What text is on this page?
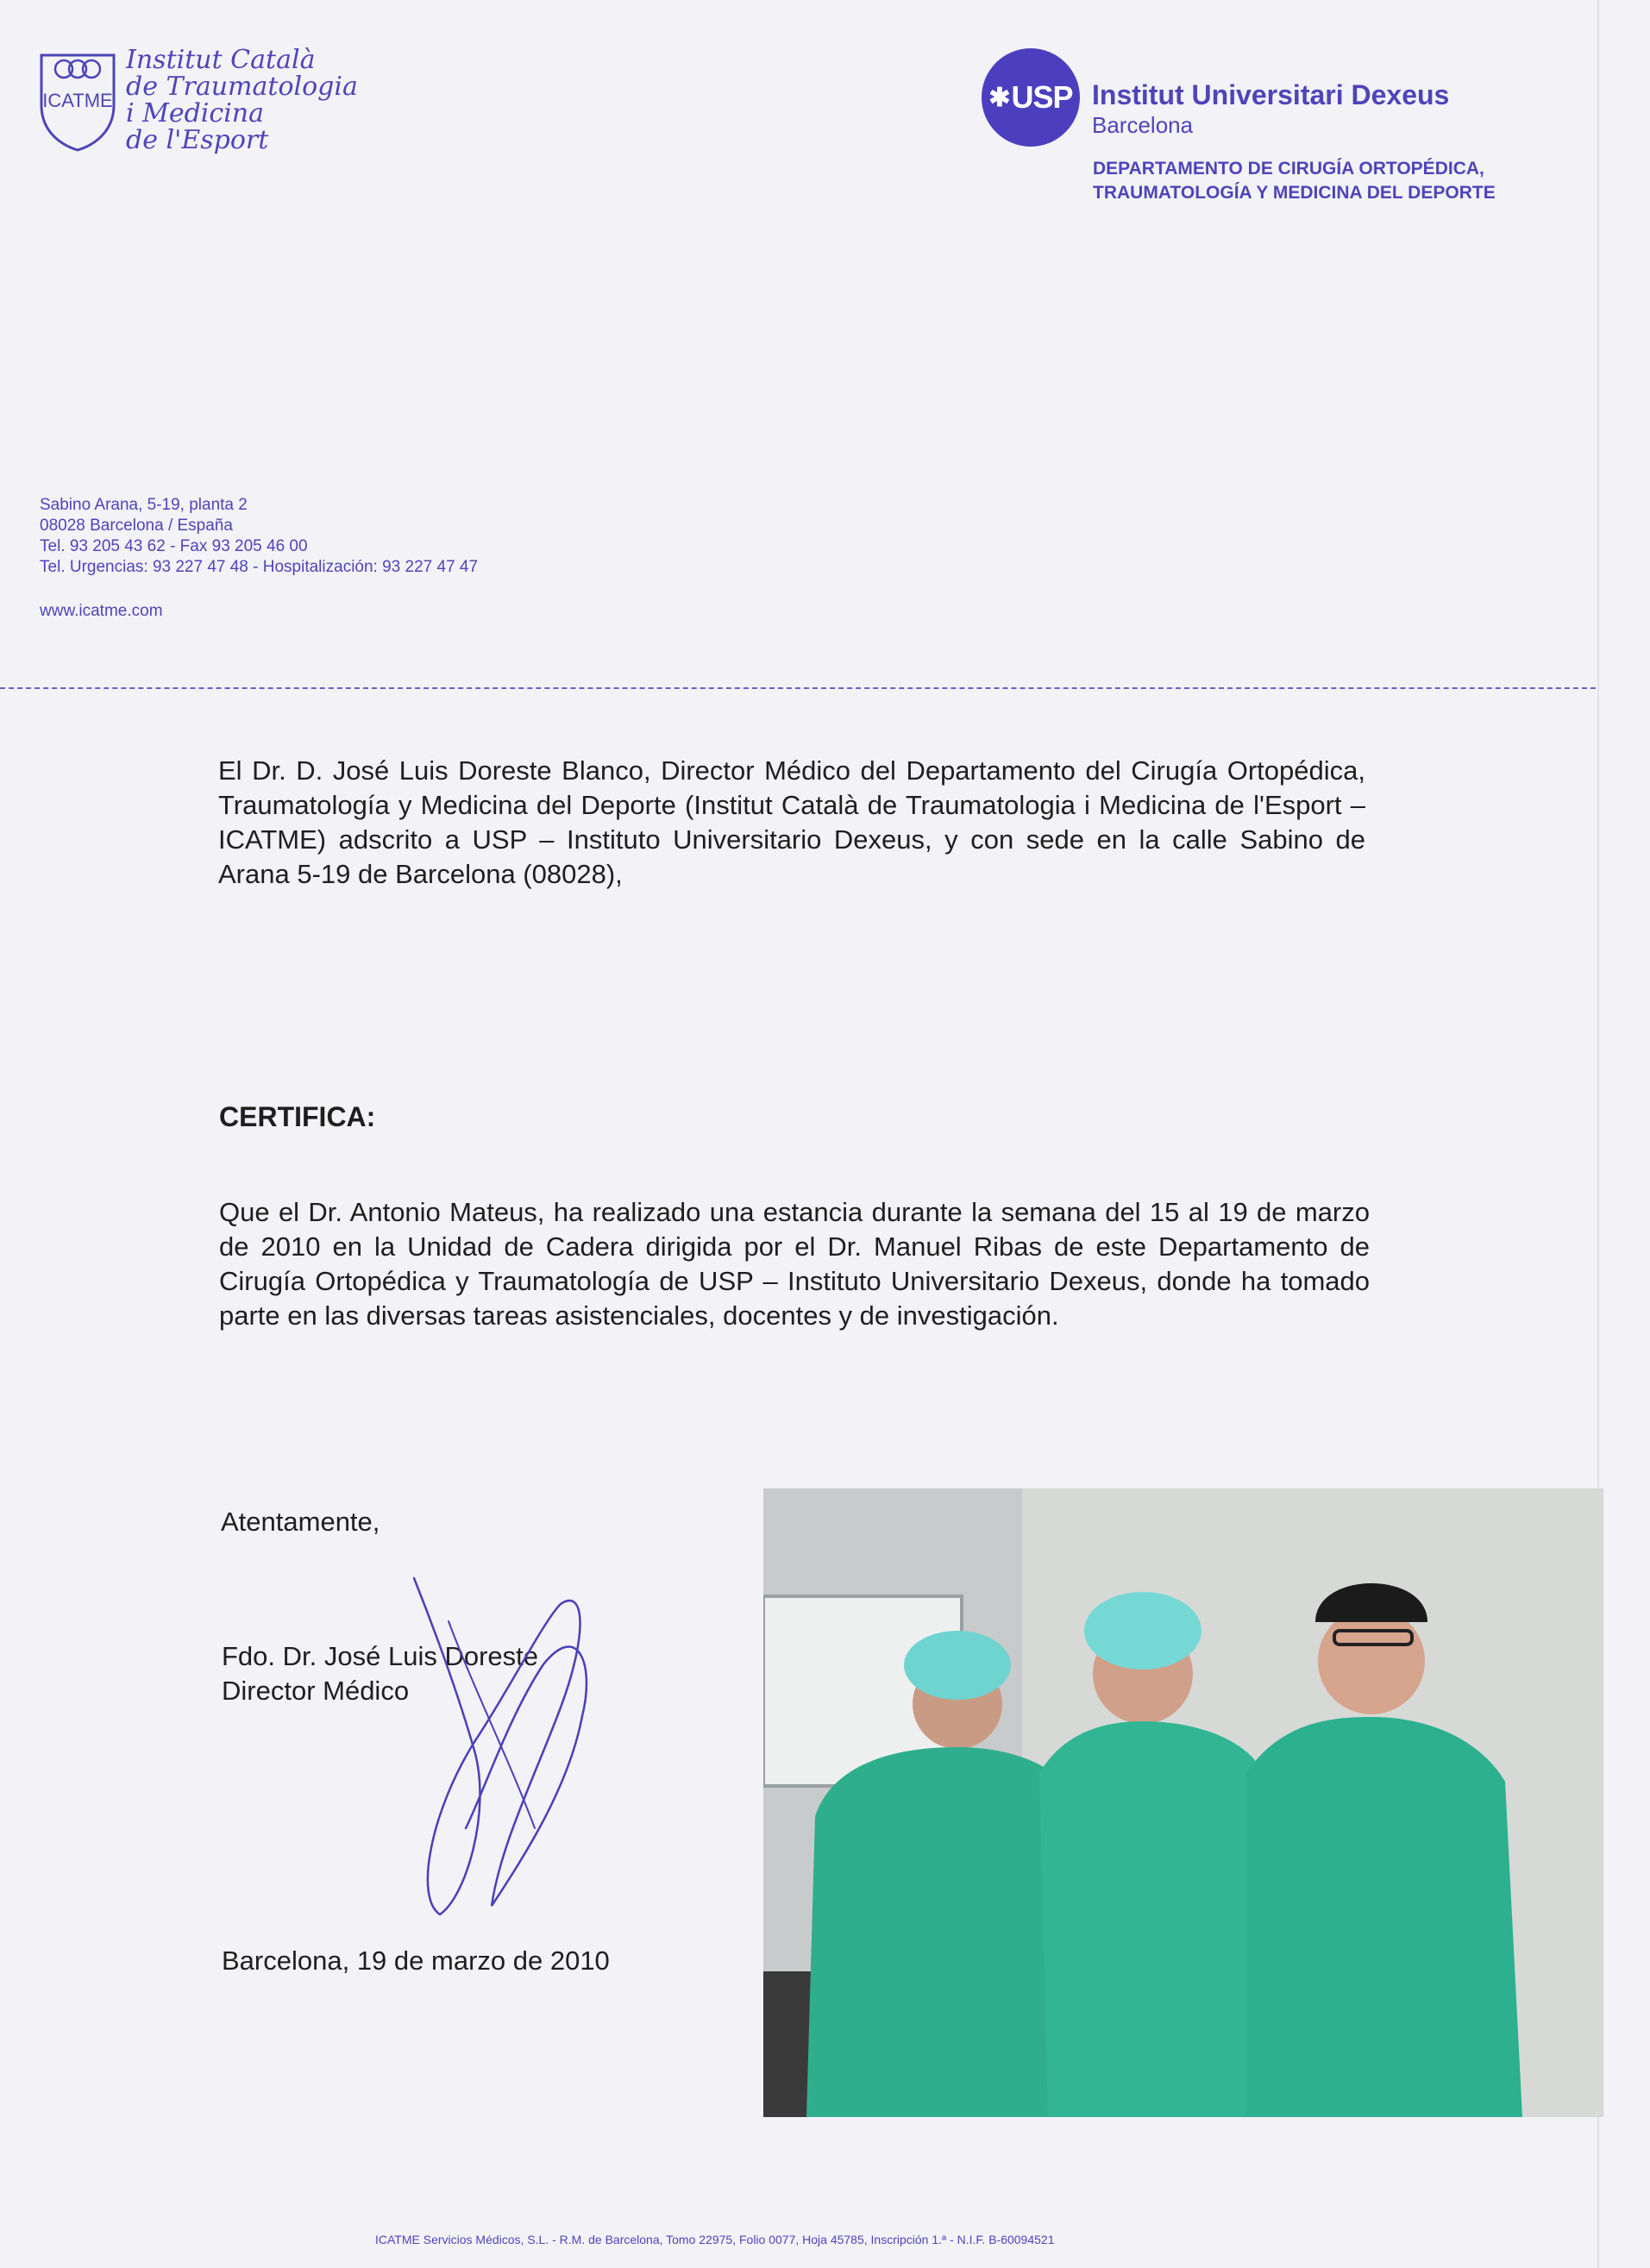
ICATME
Institut Català
de Traumatologia
i Medicina
de l'Esport
✱ USP Institut Universitari Dexeus
Barcelona
DEPARTAMENTO DE CIRUGÍA ORTOPÉDICA,
TRAUMATOLOGÍA Y MEDICINA DEL DEPORTE
Sabino Arana, 5-19, planta 2
08028 Barcelona / España
Tel. 93 205 43 62 - Fax 93 205 46 00
Tel. Urgencias: 93 227 47 48 - Hospitalización: 93 227 47 47
www.icatme.com
El Dr. D. José Luis Doreste Blanco, Director Médico del Departamento del Cirugía Ortopédica, Traumatología y Medicina del Deporte (Institut Català de Traumatologia i Medicina de l'Esport – ICATME) adscrito a USP – Instituto Universitario Dexeus, y con sede en la calle Sabino de Arana 5-19 de Barcelona (08028),
CERTIFICA:
Que el Dr. Antonio Mateus, ha realizado una estancia durante la semana del 15 al 19 de marzo de 2010 en la Unidad de Cadera dirigida por el Dr. Manuel Ribas de este Departamento de Cirugía Ortopédica y Traumatología de USP – Instituto Universitario Dexeus, donde ha tomado parte en las diversas tareas asistenciales, docentes y de investigación.
Atentamente,
Fdo. Dr. José Luis Doreste
Director Médico
Barcelona, 19 de marzo de 2010
ICATME Servicios Médicos, S.L. - R.M. de Barcelona, Tomo 22975, Folio 0077, Hoja 45785, Inscripción 1.ª - N.I.F. B-60094521
